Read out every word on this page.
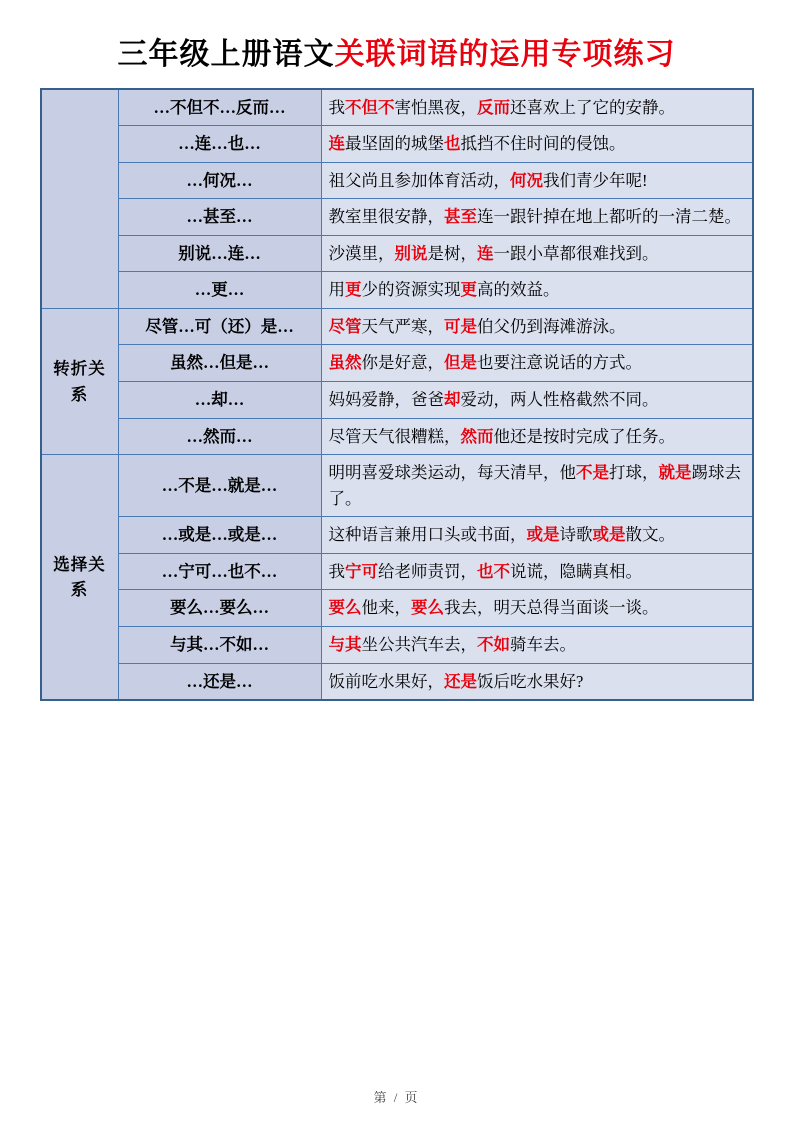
三年级上册语文关联词语的运用专项练习
	…不但不…反而…	我不但不害怕黑夜，反而还喜欢上了它的安静。
	…连…也…	连最坚固的城堡也抵挡不住时间的侵蚀。
	…何况…	祖父尚且参加体育活动，何况我们青少年呢!
	…甚至…	教室里很安静，甚至连一跟针掉在地上都听的一清二楚。
	别说…连…	沙漠里，别说是树，连一跟小草都很难找到。
	…更…	用更少的资源实现更高的效益。
转折关系	尽管…可（还）是…	尽管天气严寒，可是伯父仍到海滩游泳。
	虽然…但是…	虽然你是好意，但是也要注意说话的方式。
	…却…	妈妈爱静，爸爸却爱动，两人性格截然不同。
	…然而…	尽管天气很糟糕，然而他还是按时完成了任务。
选择关系	…不是…就是…	明明喜爱球类运动，每天清早，他不是打球，就是踢球去了。
	…或是…或是…	这种语言兼用口头或书面，或是诗歌或是散文。
	…宁可…也不…	我宁可给老师责罚，也不说谎，隐瞒真相。
	要么…要么…	要么他来，要么我去，明天总得当面谈一谈。
	与其…不如…	与其坐公共汽车去，不如骑车去。
	…还是…	饭前吃水果好，还是饭后吃水果好?
第 / 页
